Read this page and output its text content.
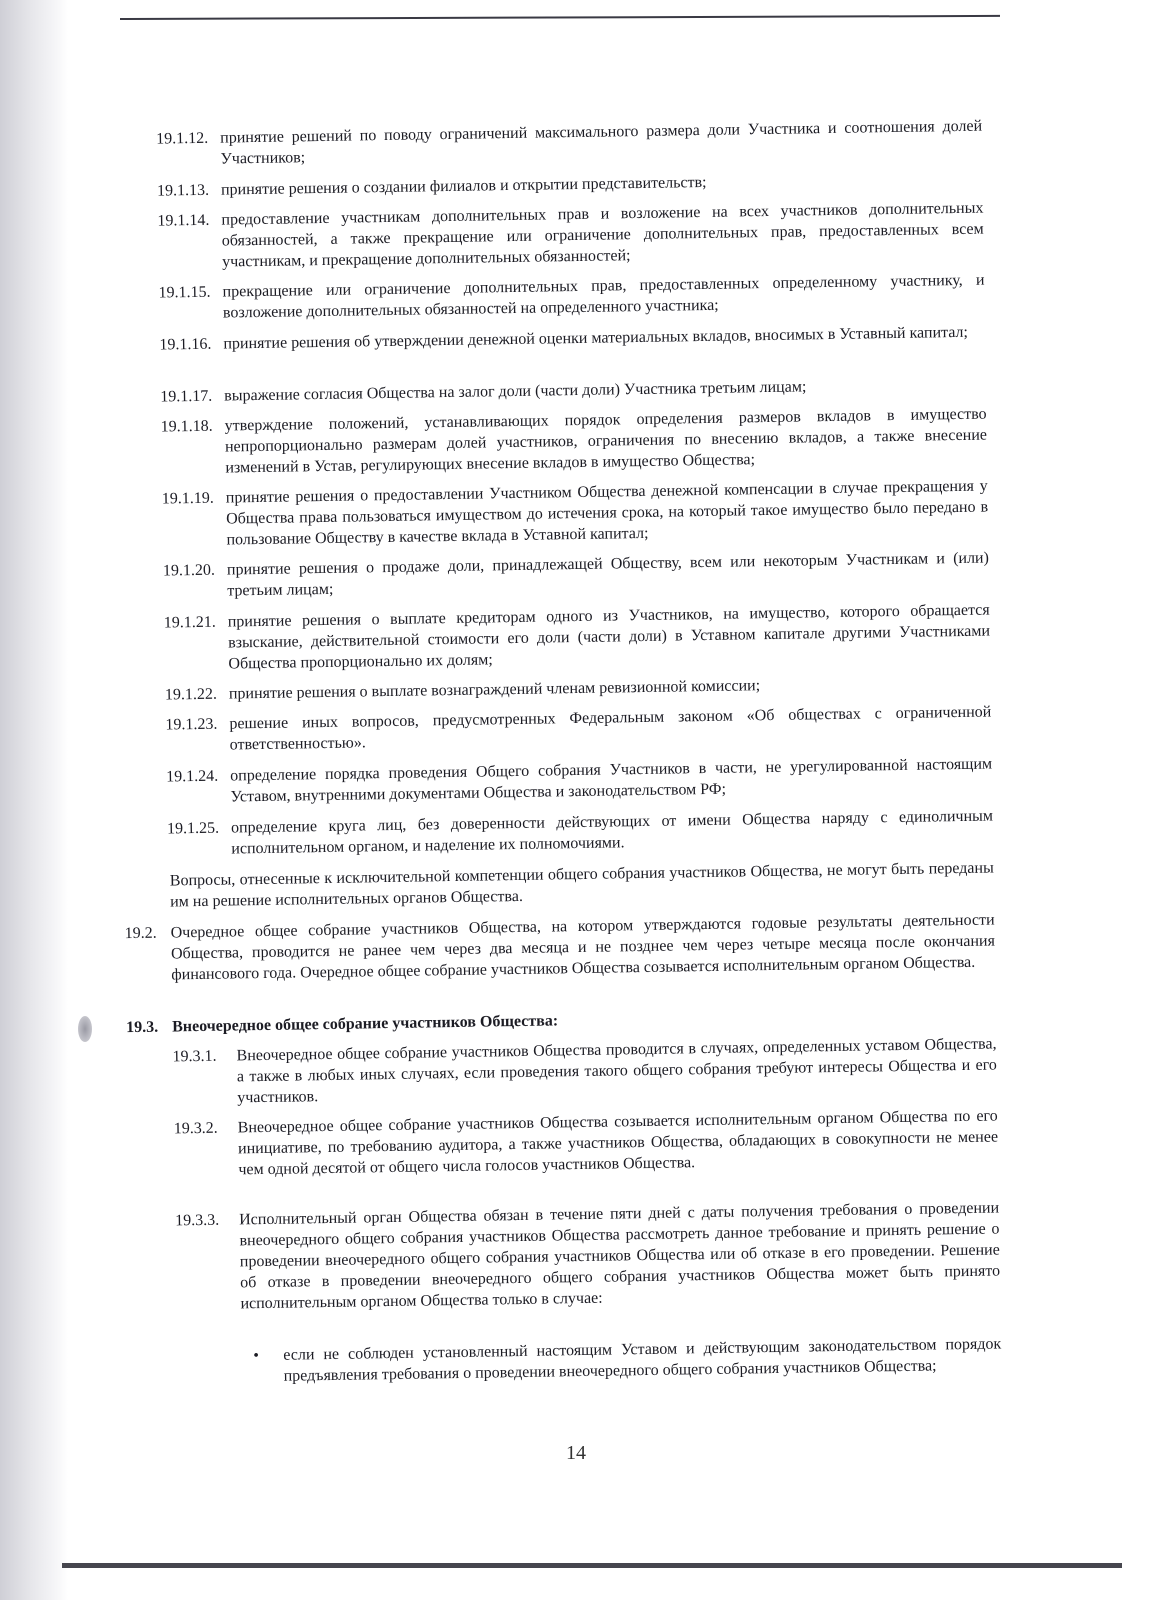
19.1.12. принятие решений по поводу ограничений максимального размера доли Участника и соотношения долей Участников;

19.1.13. принятие решения о создании филиалов и открытии представительств;

19.1.14. предоставление участникам дополнительных прав и возложение на всех участников дополнительных обязанностей, а также прекращение или ограничение дополнительных прав, предоставленных всем участникам, и прекращение дополнительных обязанностей;

19.1.15. прекращение или ограничение дополнительных прав, предоставленных определенному участнику, и возложение дополнительных обязанностей на определенного участника;

19.1.16. принятие решения об утверждении денежной оценки материальных вкладов, вносимых в Уставный капитал;

19.1.17. выражение согласия Общества на залог доли (части доли) Участника третьим лицам;

19.1.18. утверждение положений, устанавливающих порядок определения размеров вкладов в имущество непропорционально размерам долей участников, ограничения по внесению вкладов, а также внесение изменений в Устав, регулирующих внесение вкладов в имущество Общества;

19.1.19. принятие решения о предоставлении Участником Общества денежной компенсации в случае прекращения у Общества права пользоваться имуществом до истечения срока, на который такое имущество было передано в пользование Обществу в качестве вклада в Уставной капитал;

19.1.20. принятие решения о продаже доли, принадлежащей Обществу, всем или некоторым Участникам и (или) третьим лицам;

19.1.21. принятие решения о выплате кредиторам одного из Участников, на имущество, которого обращается взыскание, действительной стоимости его доли (части доли) в Уставном капитале другими Участниками Общества пропорционально их долям;

19.1.22. принятие решения о выплате вознаграждений членам ревизионной комиссии;

19.1.23. решение иных вопросов, предусмотренных Федеральным законом «Об обществах с ограниченной ответственностью».

19.1.24. определение порядка проведения Общего собрания Участников в части, не урегулированной настоящим Уставом, внутренними документами Общества и законодательством РФ;

19.1.25. определение круга лиц, без доверенности действующих от имени Общества наряду с единоличным исполнительном органом, и наделение их полномочиями.

Вопросы, отнесенные к исключительной компетенции общего собрания участников Общества, не могут быть переданы им на решение исполнительных органов Общества.

19.2. Очередное общее собрание участников Общества, на котором утверждаются годовые результаты деятельности Общества, проводится не ранее чем через два месяца и не позднее чем через четыре месяца после окончания финансового года. Очередное общее собрание участников Общества созывается исполнительным органом Общества.

19.3. Внеочередное общее собрание участников Общества:
19.3.1. Внеочередное общее собрание участников Общества проводится в случаях, определенных уставом Общества, а также в любых иных случаях, если проведения такого общего собрания требуют интересы Общества и его участников.

19.3.2. Внеочередное общее собрание участников Общества созывается исполнительным органом Общества по его инициативе, по требованию аудитора, а также участников Общества, обладающих в совокупности не менее чем одной десятой от общего числа голосов участников Общества.

19.3.3. Исполнительный орган Общества обязан в течение пяти дней с даты получения требования о проведении внеочередного общего собрания участников Общества рассмотреть данное требование и принять решение о проведении внеочередного общего собрания участников Общества или об отказе в его проведении. Решение об отказе в проведении внеочередного общего собрания участников Общества может быть принято исполнительным органом Общества только в случае:

• если не соблюден установленный настоящим Уставом и действующим законодательством порядок предъявления требования о проведении внеочередного общего собрания участников Общества;

14
